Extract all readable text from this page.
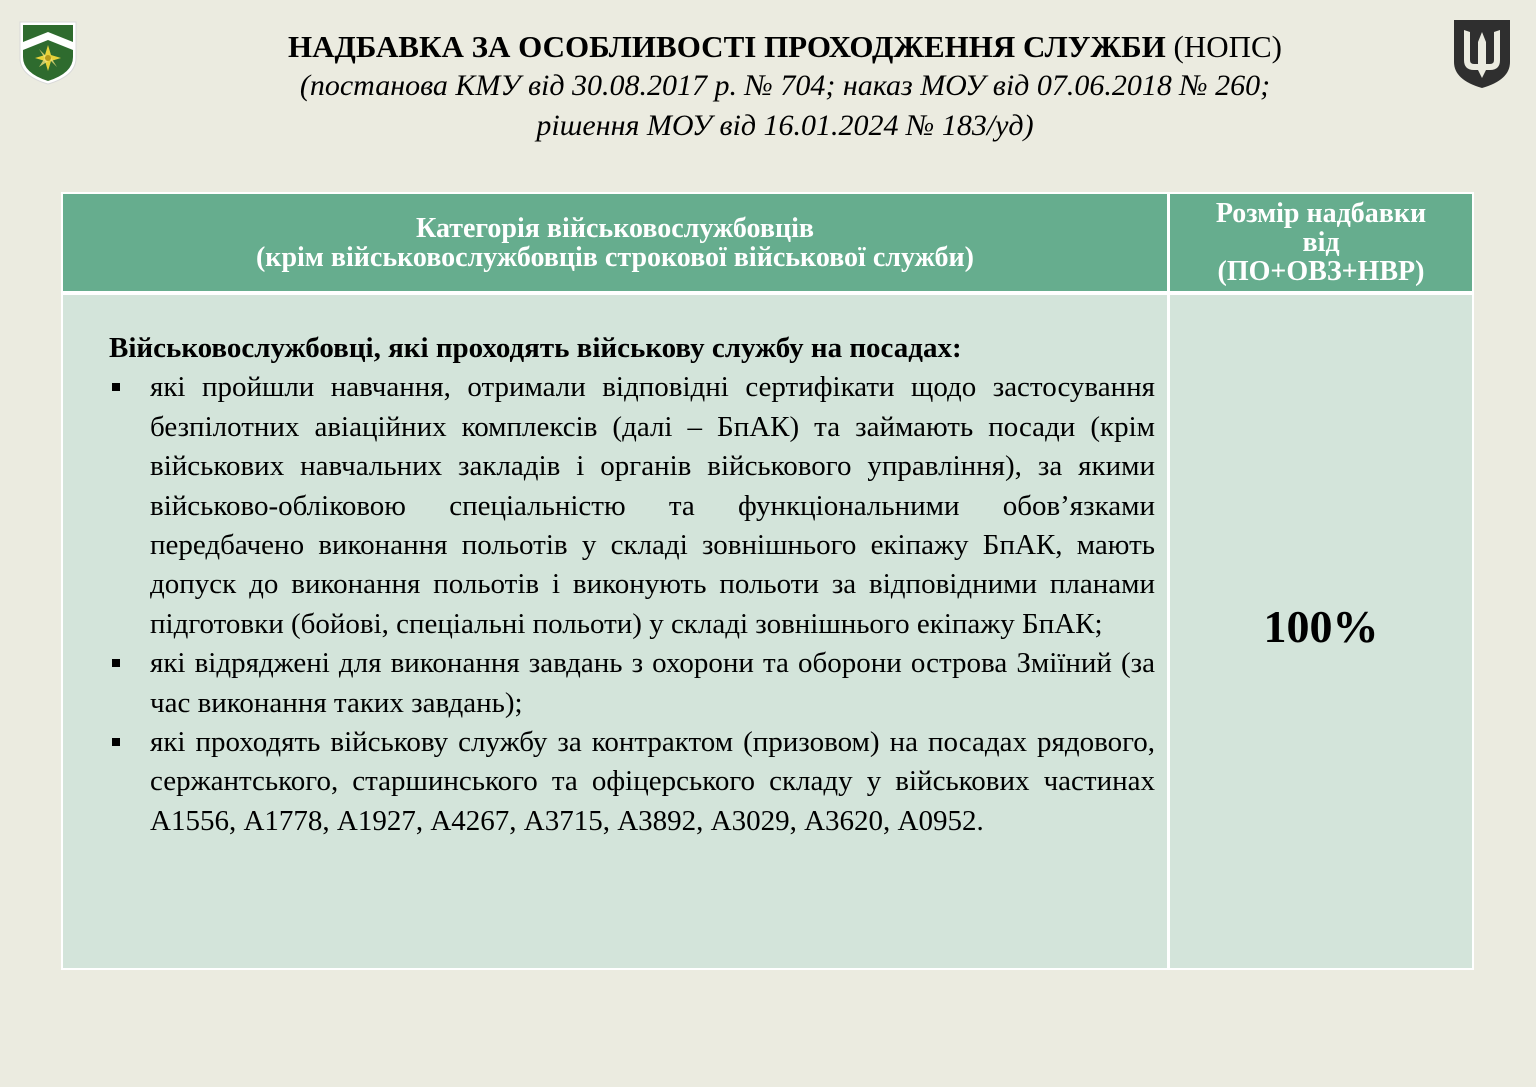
НАДБАВКА ЗА ОСОБЛИВОСТІ ПРОХОДЖЕННЯ СЛУЖБИ (НОПС)
(постанова КМУ від 30.08.2017 р. № 704; наказ МОУ від 07.06.2018 № 260;
рішення МОУ від 16.01.2024 № 183/уд)
Категорія військовослужбовців
(крім військовослужбовців строкової військової служби)
Розмір надбавки
від
(ПО+ОВЗ+НВР)
Військовослужбовці, які проходять військову службу на посадах:
які пройшли навчання, отримали відповідні сертифікати щодо застосування безпілотних авіаційних комплексів (далі – БпАК) та займають посади (крім військових навчальних закладів і органів військового управління), за якими військово-обліковою спеціальністю та функціональними обов’язками передбачено виконання польотів у складі зовнішнього екіпажу БпАК, мають допуск до виконання польотів і виконують польоти за відповідними планами підготовки (бойові, спеціальні польоти) у складі зовнішнього екіпажу БпАК;
які відряджені для виконання завдань з охорони та оборони острова Зміїний (за час виконання таких завдань);
які проходять військову службу за контрактом (призовом) на посадах рядового, сержантського, старшинського та офіцерського складу у військових частинах А1556, А1778, А1927, А4267, А3715, А3892, А3029, А3620, А0952.
100%
